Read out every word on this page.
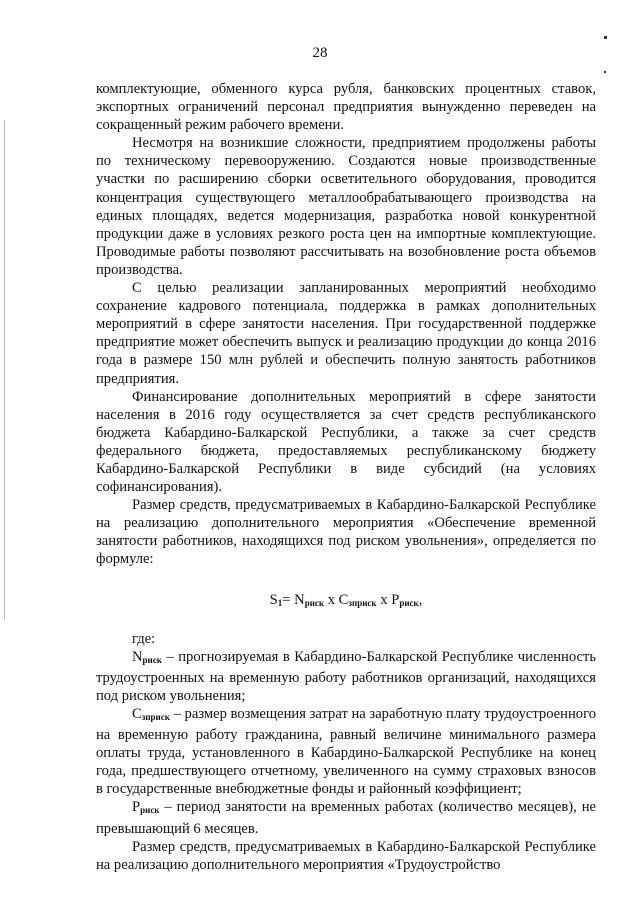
28

комплектующие, обменного курса рубля, банковских процентных ставок, экспортных ограничений персонал предприятия вынужденно переведен на сокращенный режим рабочего времени.

Несмотря на возникшие сложности, предприятием продолжены работы по техническому перевооружению. Создаются новые производственные участки по расширению сборки осветительного оборудования, проводится концентрация существующего металлообрабатывающего производства на единых площадях, ведется модернизация, разработка новой конкурентной продукции даже в условиях резкого роста цен на импортные комплектующие. Проводимые работы позволяют рассчитывать на возобновление роста объемов производства.

С целью реализации запланированных мероприятий необходимо сохранение кадрового потенциала, поддержка в рамках дополнительных мероприятий в сфере занятости населения. При государственной поддержке предприятие может обеспечить выпуск и реализацию продукции до конца 2016 года в размере 150 млн рублей и обеспечить полную занятость работников предприятия.

Финансирование дополнительных мероприятий в сфере занятости населения в 2016 году осуществляется за счет средств республиканского бюджета Кабардино-Балкарской Республики, а также за счет средств федерального бюджета, предоставляемых республиканскому бюджету Кабардино-Балкарской Республики в виде субсидий (на условиях софинансирования).

Размер средств, предусматриваемых в Кабардино-Балкарской Республике на реализацию дополнительного мероприятия «Обеспечение временной занятости работников, находящихся под риском увольнения», определяется по формуле:

$S_1= N_{риск}$ x $C_{зприск}$ x $P_{риск}$,

где:

Nриск – прогнозируемая в Кабардино-Балкарской Республике численность трудоустроенных на временную работу работников организаций, находящихся под риском увольнения;

Cзприск – размер возмещения затрат на заработную плату трудоустроенного на временную работу гражданина, равный величине минимального размера оплаты труда, установленного в Кабардино-Балкарской Республике на конец года, предшествующего отчетному, увеличенного на сумму страховых взносов в государственные внебюджетные фонды и районный коэффициент;

Pриск – период занятости на временных работах (количество месяцев), не превышающий 6 месяцев.

Размер средств, предусматриваемых в Кабардино-Балкарской Республике на реализацию дополнительного мероприятия «Трудоустройство
